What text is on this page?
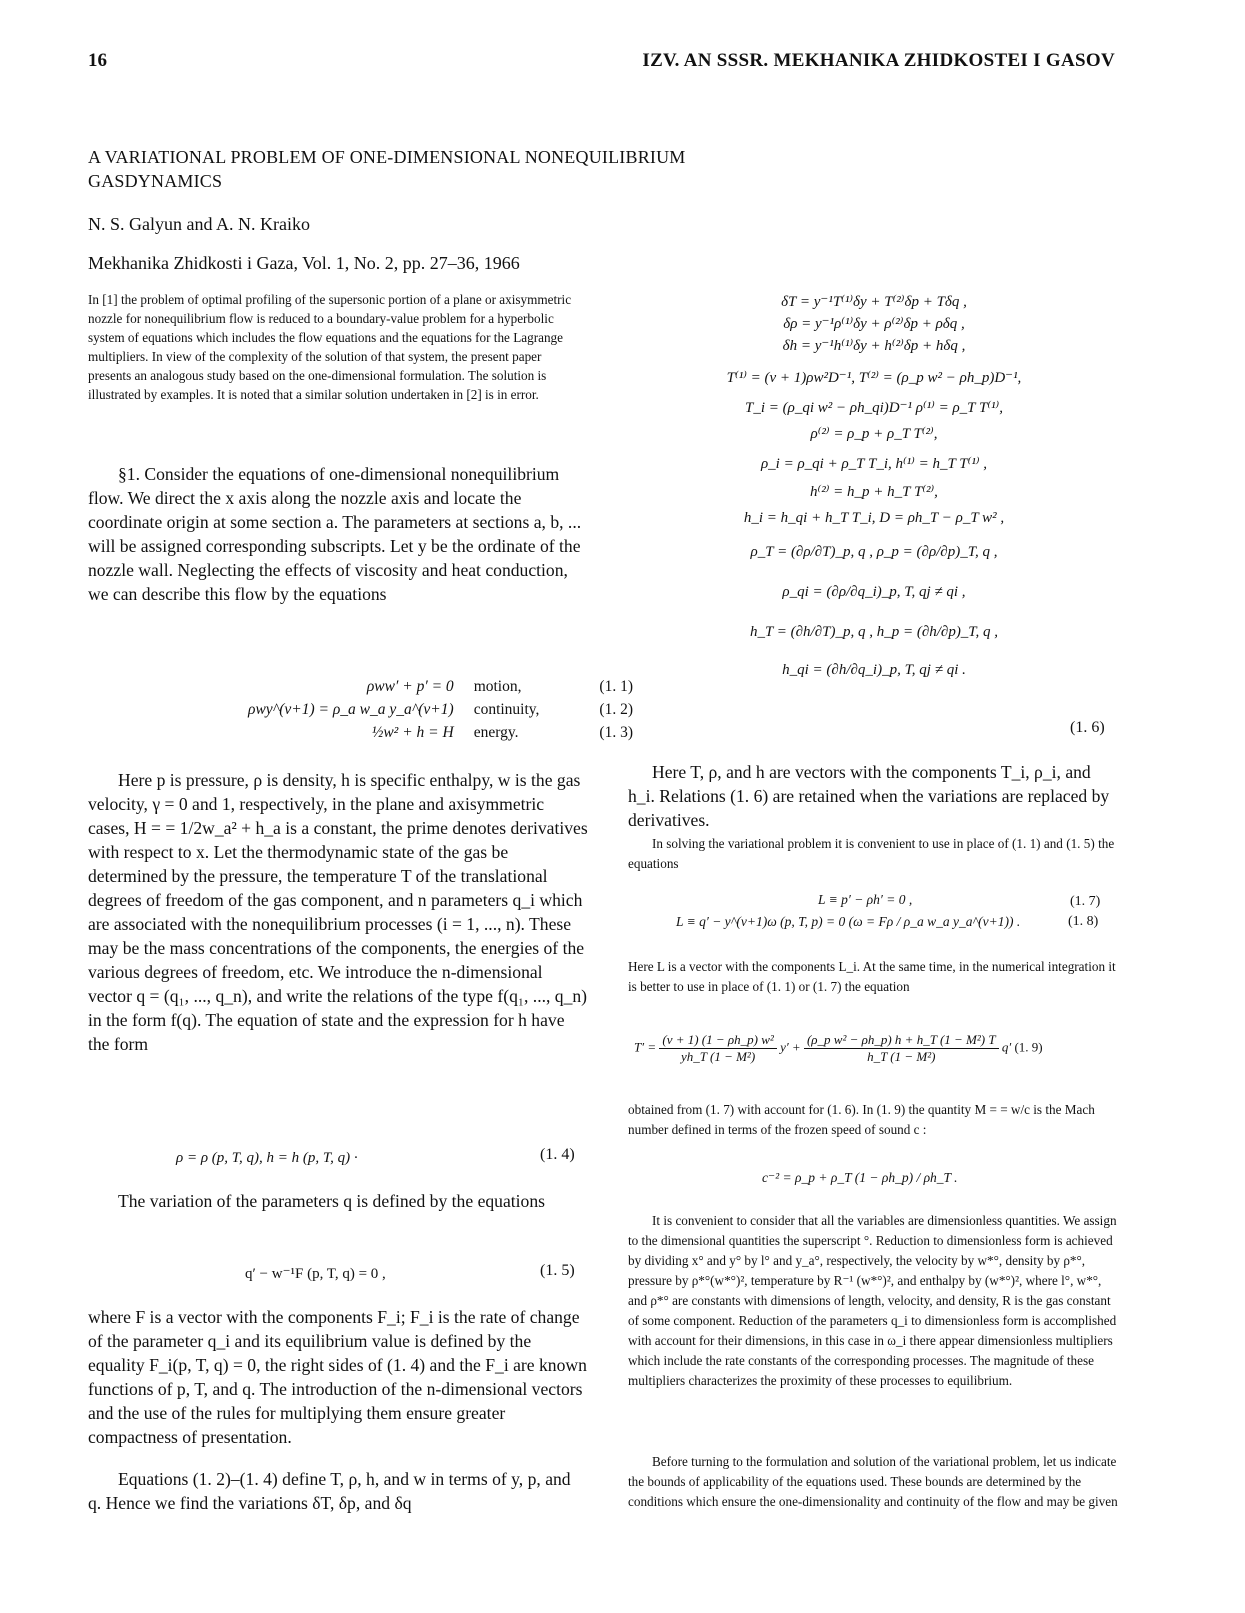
16	IZV. AN SSSR. MEKHANIKA ZHIDKOSTEI I GASOV
A VARIATIONAL PROBLEM OF ONE-DIMENSIONAL NONEQUILIBRIUM GASDYNAMICS
N. S. Galyun and A. N. Kraiko
Mekhanika Zhidkosti i Gaza, Vol. 1, No. 2, pp. 27–36, 1966
In [1] the problem of optimal profiling of the supersonic portion of a plane or axisymmetric nozzle for nonequilibrium flow is reduced to a boundary-value problem for a hyperbolic system of equations which includes the flow equations and the equations for the Lagrange multipliers. In view of the complexity of the solution of that system, the present paper presents an analogous study based on the one-dimensional formulation. The solution is illustrated by examples. It is noted that a similar solution undertaken in [2] is in error.

§1. Consider the equations of one-dimensional nonequilibrium flow. We direct the x axis along the nozzle axis and locate the coordinate origin at some section a. The parameters at sections a, b, ... will be assigned corresponding subscripts. Let y be the ordinate of the nozzle wall. Neglecting the effects of viscosity and heat conduction, we can describe this flow by the equations

ρww′ + p′ = 0	motion,	(1. 1)
ρwy^(ν+1) = ρ_a w_a y_a^(ν+1)	continuity,	(1. 2)
½w² + h = H	energy.	(1. 3)

Here p is pressure, ρ is density, h is specific enthalpy, w is the gas velocity, γ = 0 and 1, respectively, in the plane and axisymmetric cases, H = = 1/2w_a² + h_a is a constant, the prime denotes derivatives with respect to x. Let the thermodynamic state of the gas be determined by the pressure, the temperature T of the translational degrees of freedom of the gas component, and n parameters q_i which are associated with the nonequilibrium processes (i = 1, ..., n). These may be the mass concentrations of the components, the energies of the various degrees of freedom, etc. We introduce the n-dimensional vector q = (q₁, ..., q_n), and write the relations of the type f(q₁, ..., q_n) in the form f(q). The equation of state and the expression for h have the form

ρ = ρ (p, T, q), h = h (p, T, q) ·	(1. 4)

The variation of the parameters q is defined by the equations

q′ − w⁻¹F (p, T, q) = 0 ,	(1. 5)

where F is a vector with the components F_i; F_i is the rate of change of the parameter q_i and its equilibrium value is defined by the equality F_i(p, T, q) = 0, the right sides of (1. 4) and the F_i are known functions of p, T, and q. The introduction of the n-dimensional vectors and the use of the rules for multiplying them ensure greater compactness of presentation.

Equations (1. 2)–(1. 4) define T, ρ, h, and w in terms of y, p, and q. Hence we find the variations δT, δp, and δq

δT = y⁻¹T⁽¹⁾δy + T⁽²⁾δp + Tδq ,
δρ = y⁻¹ρ⁽¹⁾δy + ρ⁽²⁾δp + ρδq ,
δh = y⁻¹h⁽¹⁾δy + h⁽²⁾δp + hδq ,
T⁽¹⁾ = (ν + 1)ρw²D⁻¹, T⁽²⁾ = (ρ_p w² − ρh_p)D⁻¹,
T_i = (ρ_qi w² − ρh_qi)D⁻¹ ρ⁽¹⁾ = ρ_T T⁽¹⁾,
ρ⁽²⁾ = ρ_p + ρ_T T⁽²⁾,
ρ_i = ρ_qi + ρ_T T_i, h⁽¹⁾ = h_T T⁽¹⁾ ,
h⁽²⁾ = h_p + h_T T⁽²⁾,
h_i = h_qi + h_T T_i, D = ρh_T − ρ_T w² ,
ρ_T = (∂ρ/∂T)_p, q , ρ_p = (∂ρ/∂p)_T, q ,
ρ_qi = (∂ρ/∂q_i)_p, T, qj ≠ qi ,
h_T = (∂h/∂T)_p, q , h_p = (∂h/∂p)_T, q ,
h_qi = (∂h/∂q_i)_p, T, qj ≠ qi .
(1. 6)

Here T, ρ, and h are vectors with the components T_i, ρ_i, and h_i. Relations (1. 6) are retained when the variations are replaced by derivatives.

In solving the variational problem it is convenient to use in place of (1. 1) and (1. 5) the equations

L ≡ p′ − ρh′ = 0 ,	(1. 7)
L ≡ q′ − y^(ν+1)ω (p, T, p) = 0 (ω = Fρ / ρ_a w_a y_a^(ν+1)) .	(1. 8)

Here L is a vector with the components L_i. At the same time, in the numerical integration it is better to use in place of (1. 1) or (1. 7) the equation

$T' = \frac{\text{(ν + 1) (1 − ρh\_p) w²}}{\text{yh\_T (1 − M²)}} y' + \frac{\text{(ρ\_p w² − ρh\_p) h + h\_T (1 − M²) T}}{\text{h\_T (1 − M²)}} q'$ (1. 9)

obtained from (1. 7) with account for (1. 6). In (1. 9) the quantity M = = w/c is the Mach number defined in terms of the frozen speed of sound c :

c⁻² = ρ_p + ρ_T (1 − ρh_p) / ρh_T .

It is convenient to consider that all the variables are dimensionless quantities. We assign to the dimensional quantities the superscript °. Reduction to dimensionless form is achieved by dividing x° and y° by l° and y_a°, respectively, the velocity by w*°, density by ρ*°, pressure by ρ*°(w*°)², temperature by R⁻¹ (w*°)², and enthalpy by (w*°)², where l°, w*°, and ρ*° are constants with dimensions of length, velocity, and density, R is the gas constant of some component. Reduction of the parameters q_i to dimensionless form is accomplished with account for their dimensions, in this case in ω_i there appear dimensionless multipliers which include the rate constants of the corresponding processes. The magnitude of these multipliers characterizes the proximity of these processes to equilibrium.

Before turning to the formulation and solution of the variational problem, let us indicate the bounds of applicability of the equations used. These bounds are determined by the conditions which ensure the one-dimensionality and continuity of the flow and may be given
